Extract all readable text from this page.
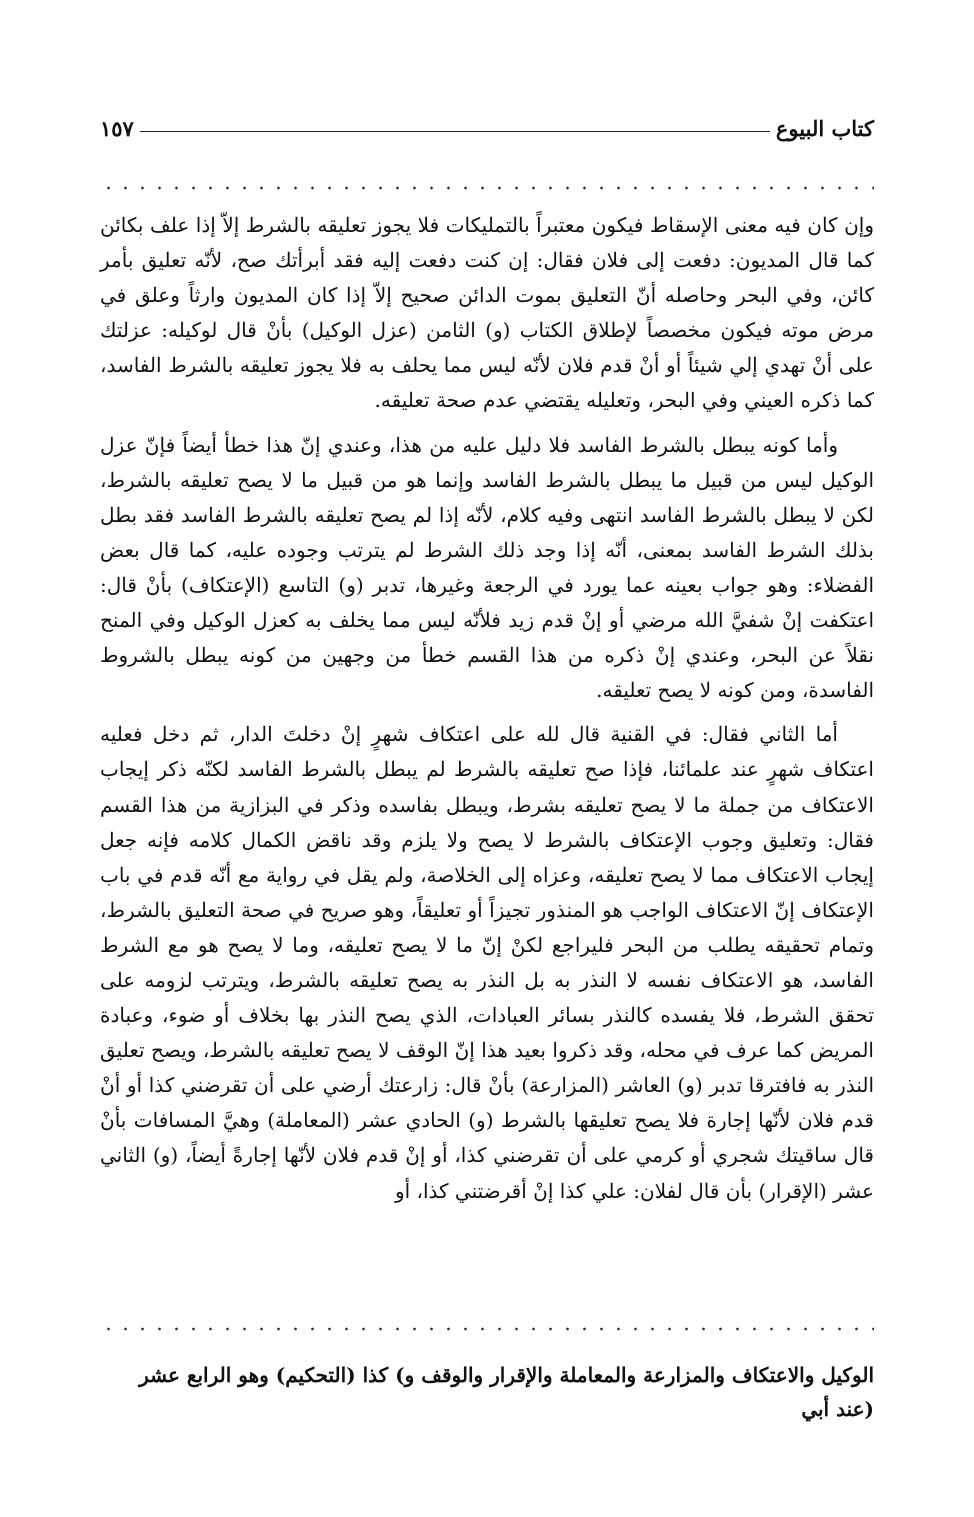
كتاب البيوع
١٥٧

وإن كان فيه معنى الإسقاط فيكون معتبراً بالتمليكات فلا يجوز تعليقه بالشرط إلاّ إذا علف بكائن كما قال المديون: دفعت إلى فلان فقال: إن كنت دفعت إليه فقد أبرأتك صح، لأنّه تعليق بأمر كائن، وفي البحر وحاصله أنّ التعليق بموت الدائن صحيح إلاّ إذا كان المديون وارثاً وعلق في مرض موته فيكون مخصصاً لإطلاق الكتاب (و) الثامن (عزل الوكيل) بأنْ قال لوكيله: عزلتك على أنْ تهدي إلي شيئاً أو أنْ قدم فلان لأنّه ليس مما يحلف به فلا يجوز تعليقه بالشرط الفاسد، كما ذكره العيني وفي البحر، وتعليله يقتضي عدم صحة تعليقه.

وأما كونه يبطل بالشرط الفاسد فلا دليل عليه من هذا، وعندي إنّ هذا خطأ أيضاً فإنّ عزل الوكيل ليس من قبيل ما يبطل بالشرط الفاسد وإنما هو من قبيل ما لا يصح تعليقه بالشرط، لكن لا يبطل بالشرط الفاسد انتهى وفيه كلام، لأنّه إذا لم يصح تعليقه بالشرط الفاسد فقد بطل بذلك الشرط الفاسد بمعنى، أنّه إذا وجد ذلك الشرط لم يترتب وجوده عليه، كما قال بعض الفضلاء: وهو جواب بعينه عما يورد في الرجعة وغيرها، تدبر (و) التاسع (الإعتكاف) بأنْ قال: اعتكفت إنْ شفيَّ الله مرضي أو إنْ قدم زيد فلأنّه ليس مما يخلف به كعزل الوكيل وفي المنح نقلاً عن البحر، وعندي إنْ ذكره من هذا القسم خطأ من وجهين من كونه يبطل بالشروط الفاسدة، ومن كونه لا يصح تعليقه.

أما الثاني فقال: في القنية قال لله على اعتكاف شهرٍ إنْ دخلتَ الدار، ثم دخل فعليه اعتكاف شهرٍ عند علمائنا، فإذا صح تعليقه بالشرط لم يبطل بالشرط الفاسد لكنّه ذكر إيجاب الاعتكاف من جملة ما لا يصح تعليقه بشرط، ويبطل بفاسده وذكر في البزازية من هذا القسم فقال: وتعليق وجوب الإعتكاف بالشرط لا يصح ولا يلزم وقد ناقض الكمال كلامه فإنه جعل إيجاب الاعتكاف مما لا يصح تعليقه، وعزاه إلى الخلاصة، ولم يقل في رواية مع أنّه قدم في باب الإعتكاف إنّ الاعتكاف الواجب هو المنذور تجيزاً أو تعليقاً، وهو صريح في صحة التعليق بالشرط، وتمام تحقيقه يطلب من البحر فليراجع لكنْ إنّ ما لا يصح تعليقه، وما لا يصح هو مع الشرط الفاسد، هو الاعتكاف نفسه لا النذر به بل النذر به يصح تعليقه بالشرط، ويترتب لزومه على تحقق الشرط، فلا يفسده كالنذر بسائر العبادات، الذي يصح النذر بها بخلاف أو ضوء، وعبادة المريض كما عرف في محله، وقد ذكروا بعيد هذا إنّ الوقف لا يصح تعليقه بالشرط، ويصح تعليق النذر به فافترقا تدبر (و) العاشر (المزارعة) بأنْ قال: زارعتك أرضي على أن تقرضني كذا أو أنْ قدم فلان لأنّها إجارة فلا يصح تعليقها بالشرط (و) الحادي عشر (المعاملة) وهيَّ المسافات بأنْ قال ساقيتك شجري أو كرمي على أن تقرضني كذا، أو إنْ قدم فلان لأنّها إجارةً أيضاً، (و) الثاني عشر (الإقرار) بأن قال لفلان: علي كذا إنْ أقرضتني كذا، أو

الوكيل والاعتكاف والمزارعة والمعاملة والإقرار والوقف و) كذا (التحكيم) وهو الرابع عشر (عند أبي
